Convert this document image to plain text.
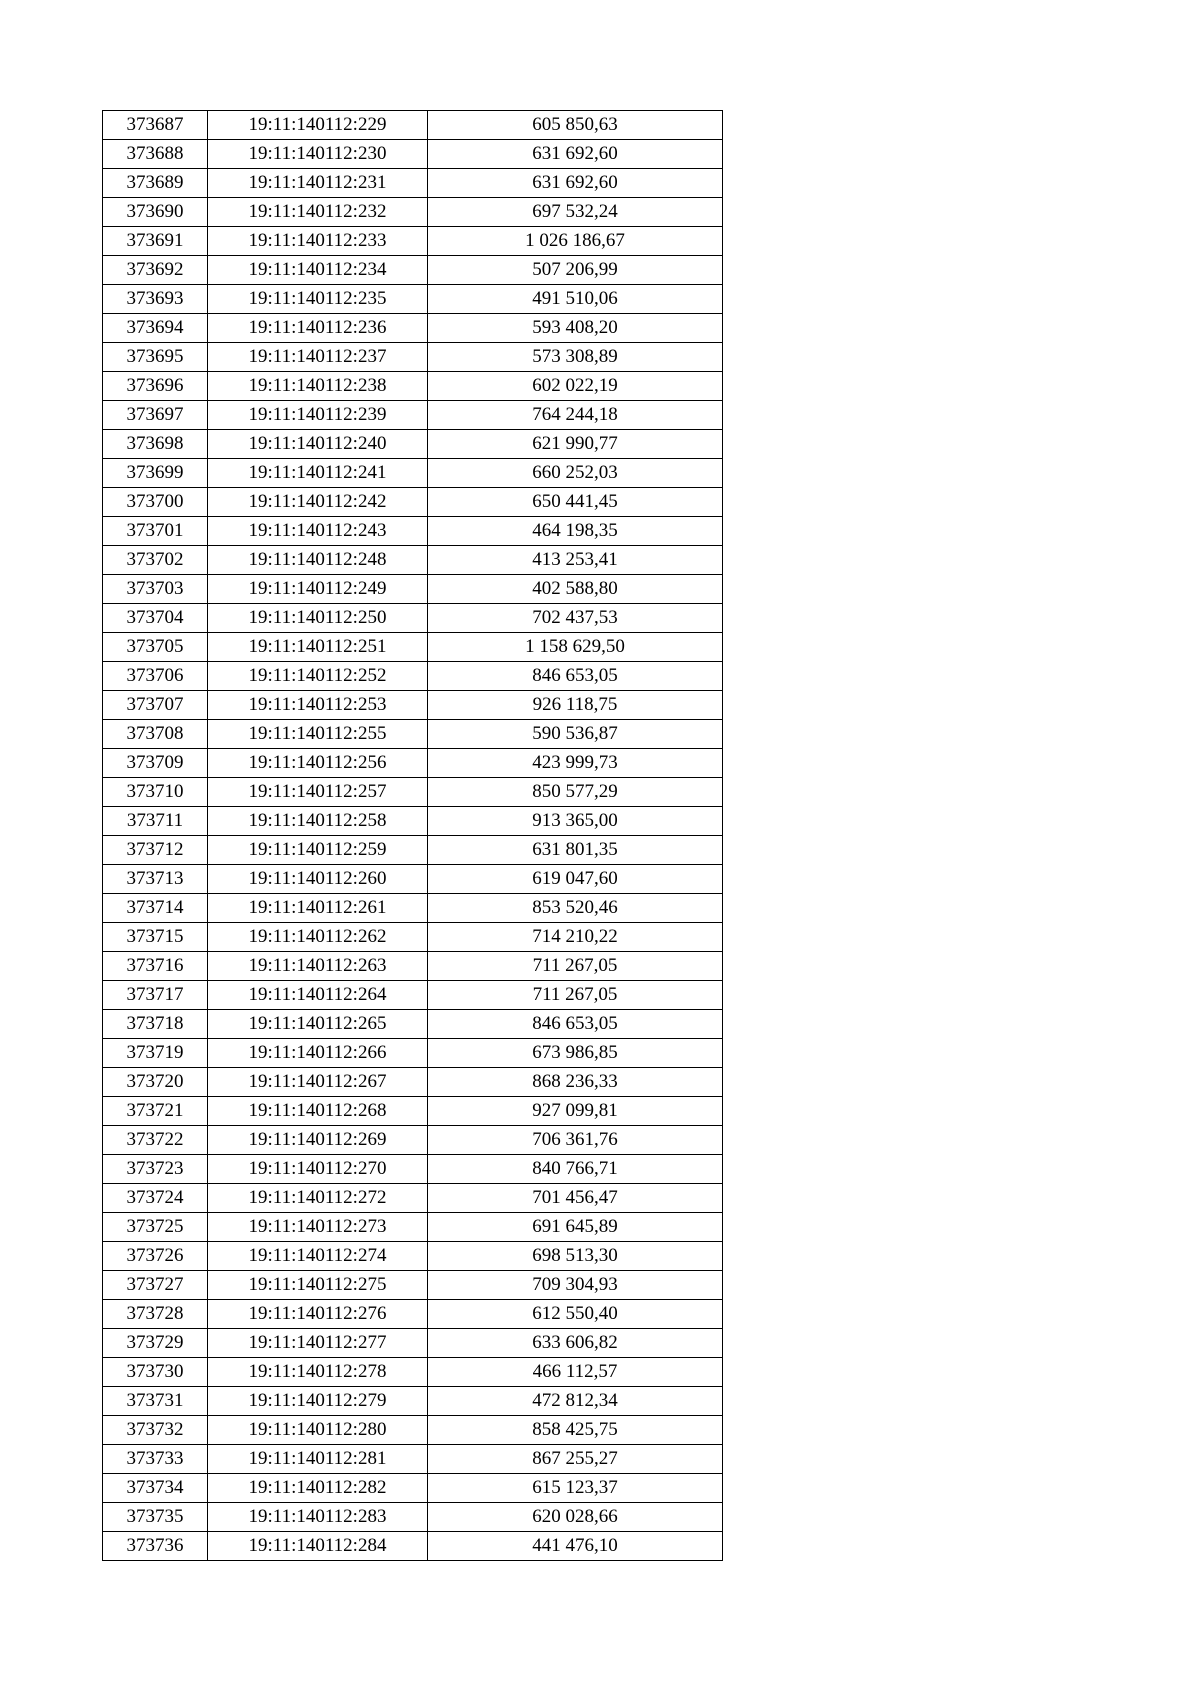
373687	19:11:140112:229	605 850,63
373688	19:11:140112:230	631 692,60
373689	19:11:140112:231	631 692,60
373690	19:11:140112:232	697 532,24
373691	19:11:140112:233	1 026 186,67
373692	19:11:140112:234	507 206,99
373693	19:11:140112:235	491 510,06
373694	19:11:140112:236	593 408,20
373695	19:11:140112:237	573 308,89
373696	19:11:140112:238	602 022,19
373697	19:11:140112:239	764 244,18
373698	19:11:140112:240	621 990,77
373699	19:11:140112:241	660 252,03
373700	19:11:140112:242	650 441,45
373701	19:11:140112:243	464 198,35
373702	19:11:140112:248	413 253,41
373703	19:11:140112:249	402 588,80
373704	19:11:140112:250	702 437,53
373705	19:11:140112:251	1 158 629,50
373706	19:11:140112:252	846 653,05
373707	19:11:140112:253	926 118,75
373708	19:11:140112:255	590 536,87
373709	19:11:140112:256	423 999,73
373710	19:11:140112:257	850 577,29
373711	19:11:140112:258	913 365,00
373712	19:11:140112:259	631 801,35
373713	19:11:140112:260	619 047,60
373714	19:11:140112:261	853 520,46
373715	19:11:140112:262	714 210,22
373716	19:11:140112:263	711 267,05
373717	19:11:140112:264	711 267,05
373718	19:11:140112:265	846 653,05
373719	19:11:140112:266	673 986,85
373720	19:11:140112:267	868 236,33
373721	19:11:140112:268	927 099,81
373722	19:11:140112:269	706 361,76
373723	19:11:140112:270	840 766,71
373724	19:11:140112:272	701 456,47
373725	19:11:140112:273	691 645,89
373726	19:11:140112:274	698 513,30
373727	19:11:140112:275	709 304,93
373728	19:11:140112:276	612 550,40
373729	19:11:140112:277	633 606,82
373730	19:11:140112:278	466 112,57
373731	19:11:140112:279	472 812,34
373732	19:11:140112:280	858 425,75
373733	19:11:140112:281	867 255,27
373734	19:11:140112:282	615 123,37
373735	19:11:140112:283	620 028,66
373736	19:11:140112:284	441 476,10
